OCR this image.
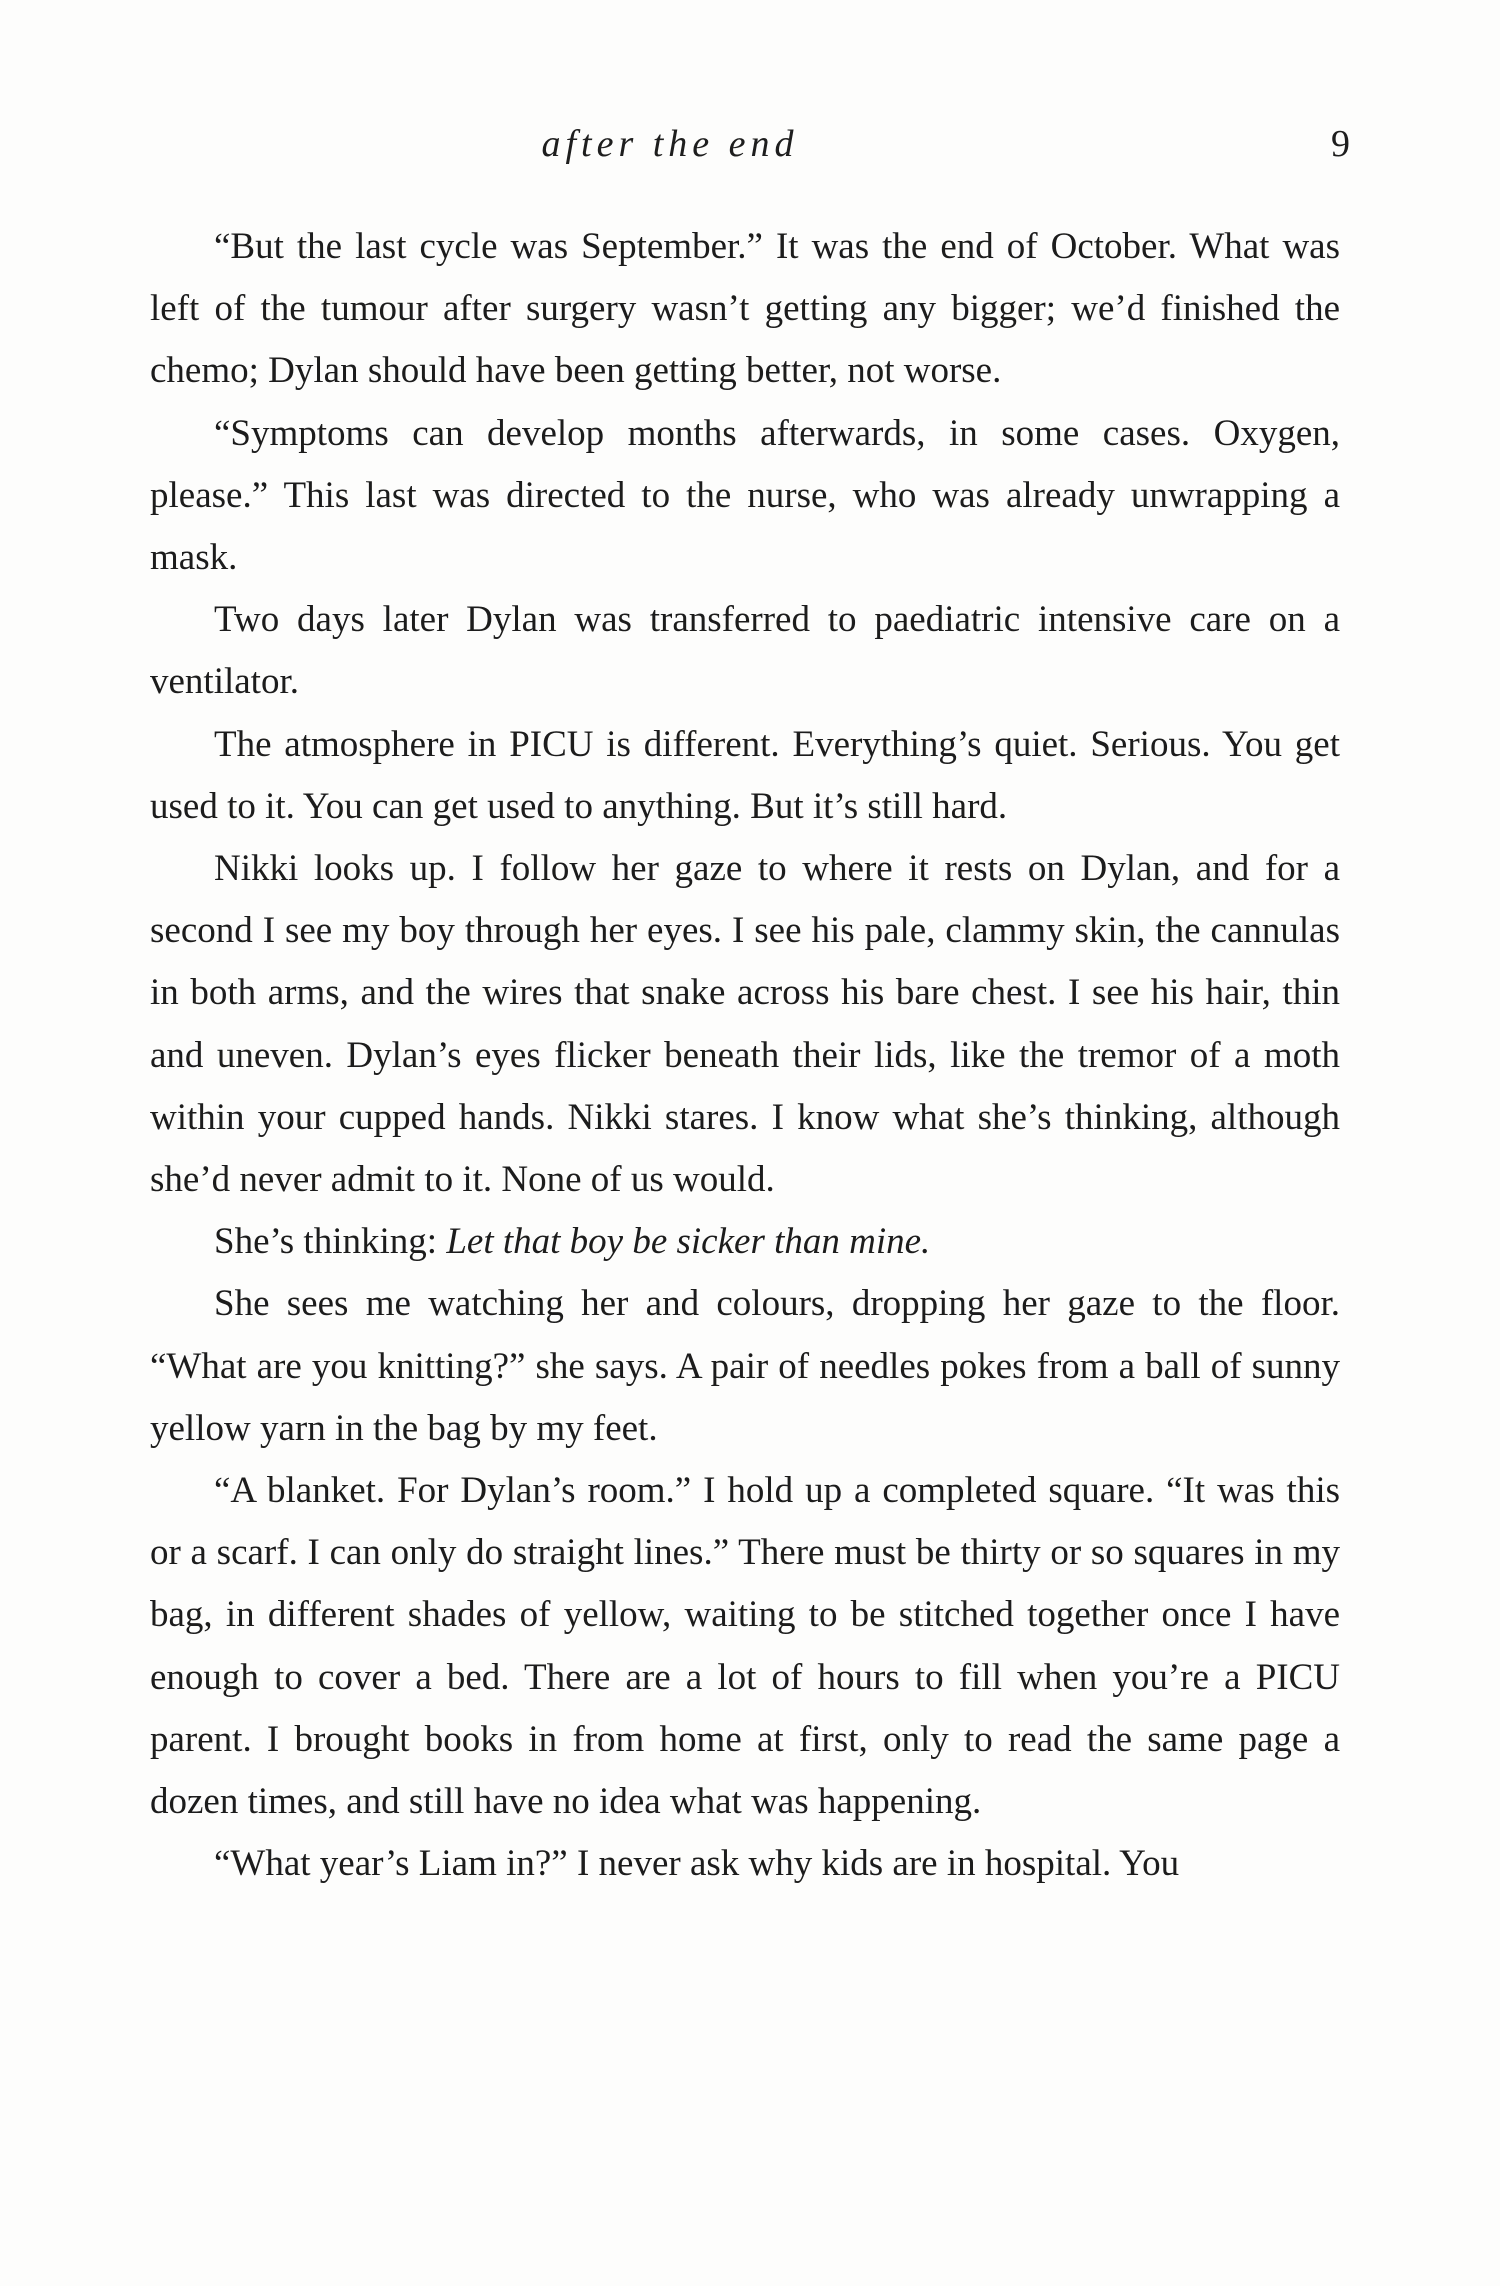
after the end	9

“But the last cycle was September.” It was the end of October. What was left of the tumour after surgery wasn’t getting any bigger; we’d finished the chemo; Dylan should have been getting better, not worse.

“Symptoms can develop months afterwards, in some cases. Oxygen, please.” This last was directed to the nurse, who was already unwrapping a mask.

Two days later Dylan was transferred to paediatric intensive care on a ventilator.

The atmosphere in PICU is different. Everything’s quiet. Serious. You get used to it. You can get used to anything. But it’s still hard.

Nikki looks up. I follow her gaze to where it rests on Dylan, and for a second I see my boy through her eyes. I see his pale, clammy skin, the cannulas in both arms, and the wires that snake across his bare chest. I see his hair, thin and uneven. Dylan’s eyes flicker beneath their lids, like the tremor of a moth within your cupped hands. Nikki stares. I know what she’s thinking, although she’d never admit to it. None of us would.

She’s thinking: Let that boy be sicker than mine.

She sees me watching her and colours, dropping her gaze to the floor. “What are you knitting?” she says. A pair of needles pokes from a ball of sunny yellow yarn in the bag by my feet.

“A blanket. For Dylan’s room.” I hold up a completed square. “It was this or a scarf. I can only do straight lines.” There must be thirty or so squares in my bag, in different shades of yellow, waiting to be stitched together once I have enough to cover a bed. There are a lot of hours to fill when you’re a PICU parent. I brought books in from home at first, only to read the same page a dozen times, and still have no idea what was happening.

“What year’s Liam in?” I never ask why kids are in hospital. You
